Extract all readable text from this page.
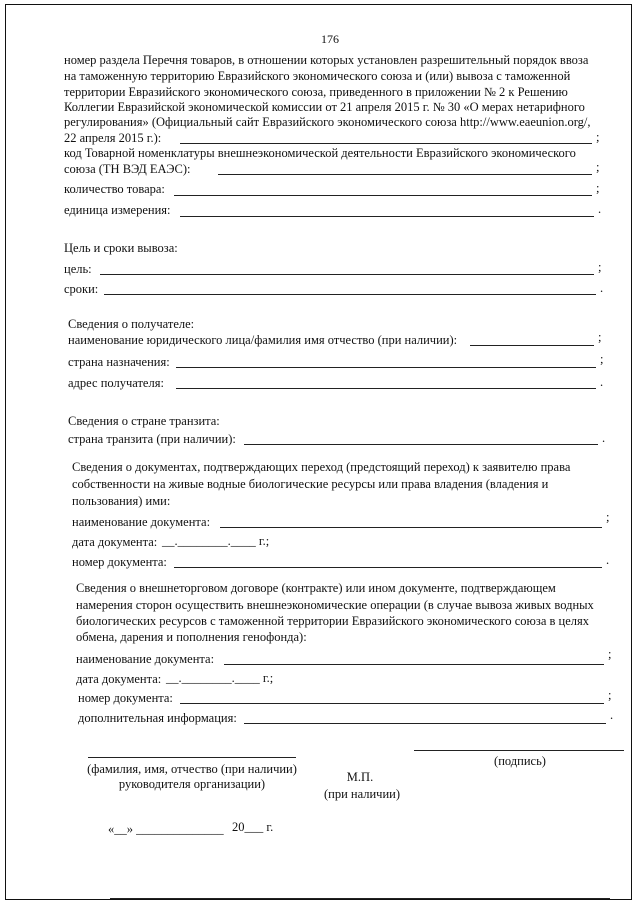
176
номер раздела Перечня товаров, в отношении которых установлен разрешительный порядок ввоза
на таможенную территорию Евразийского экономического союза и (или) вывоза с таможенной
территории Евразийского экономического союза, приведенного в приложении № 2 к Решению
Коллегии Евразийской экономической комиссии от 21 апреля 2015 г. № 30 «О мерах нетарифного
регулирования» (Официальный сайт Евразийского экономического союза http://www.eaeunion.org/,
22 апреля 2015 г.):	;
код Товарной номенклатуры внешнеэкономической деятельности Евразийского экономического
союза (ТН ВЭД ЕАЭС):	;
количество товара:	;
единица измерения:	.
Цель и сроки вывоза:
цель:	;
сроки:	.
Сведения о получателе:
наименование юридического лица/фамилия имя отчество (при наличии):	;
страна назначения:	;
адрес получателя:	.
Сведения о стране транзита:
страна транзита (при наличии):	.
Сведения о документах, подтверждающих переход (предстоящий переход) к заявителю права
собственности на живые водные биологические ресурсы или права владения (владения и
пользования) ими:
наименование документа:	;
дата документа: __.________.____ г.;
номер документа:	.
Сведения о внешнеторговом договоре (контракте) или ином документе, подтверждающем
намерения сторон осуществить внешнеэкономические операции (в случае вывоза живых водных
биологических ресурсов с таможенной территории Евразийского экономического союза в целях
обмена, дарения и пополнения генофонда):
наименование документа:	;
дата документа: __.________.____ г.;
номер документа:	;
дополнительная информация:	.
(фамилия, имя, отчество (при наличии)
руководителя организации)	М.П.
(при наличии)
(подпись)
«__» ______________ 20___ г.
